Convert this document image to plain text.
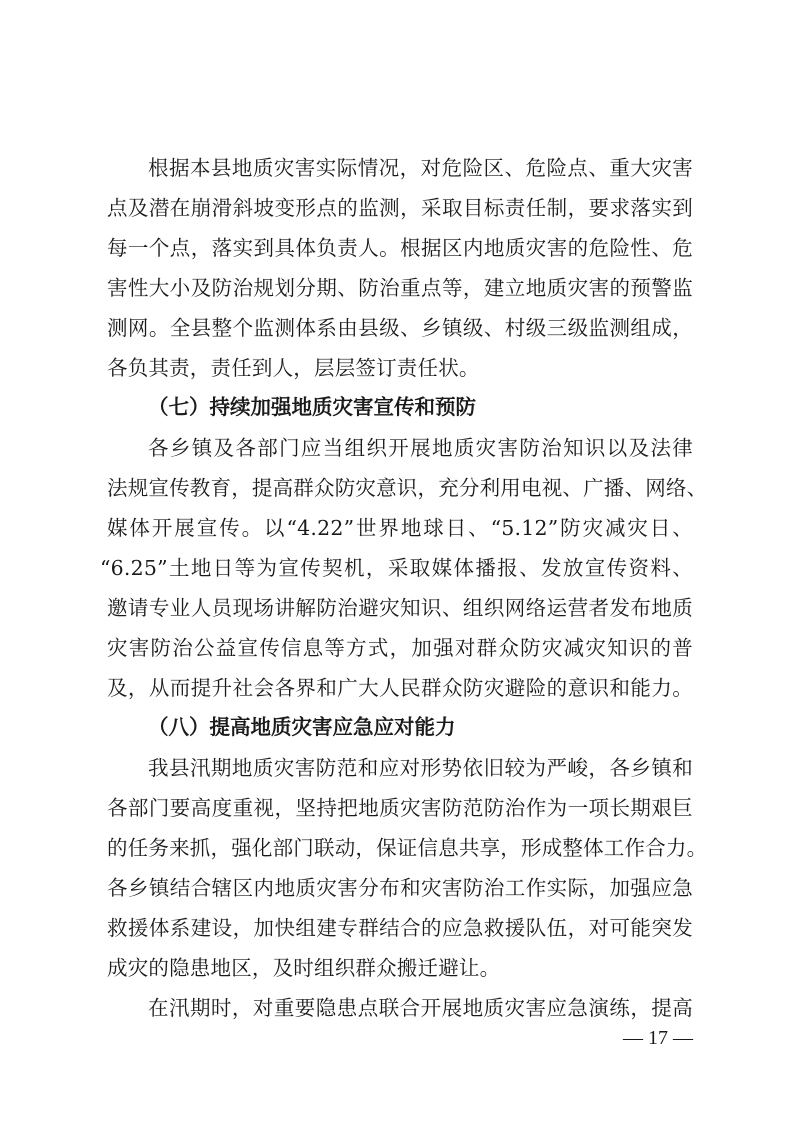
根据本县地质灾害实际情况，对危险区、危险点、重大灾害
点及潜在崩滑斜坡变形点的监测，采取目标责任制，要求落实到
每一个点，落实到具体负责人。根据区内地质灾害的危险性、危
害性大小及防治规划分期、防治重点等，建立地质灾害的预警监
测网。全县整个监测体系由县级、乡镇级、村级三级监测组成，
各负其责，责任到人，层层签订责任状。
（七）持续加强地质灾害宣传和预防
各乡镇及各部门应当组织开展地质灾害防治知识以及法律
法规宣传教育，提高群众防灾意识，充分利用电视、广播、网络、
媒体开展宣传。以“4.22”世界地球日、“5.12”防灾减灾日、
“6.25”土地日等为宣传契机，采取媒体播报、发放宣传资料、
邀请专业人员现场讲解防治避灾知识、组织网络运营者发布地质
灾害防治公益宣传信息等方式，加强对群众防灾减灾知识的普
及，从而提升社会各界和广大人民群众防灾避险的意识和能力。
（八）提高地质灾害应急应对能力
我县汛期地质灾害防范和应对形势依旧较为严峻，各乡镇和
各部门要高度重视，坚持把地质灾害防范防治作为一项长期艰巨
的任务来抓，强化部门联动，保证信息共享，形成整体工作合力。
各乡镇结合辖区内地质灾害分布和灾害防治工作实际，加强应急
救援体系建设，加快组建专群结合的应急救援队伍，对可能突发
成灾的隐患地区，及时组织群众搬迁避让。
在汛期时，对重要隐患点联合开展地质灾害应急演练，提高
— 17 —
